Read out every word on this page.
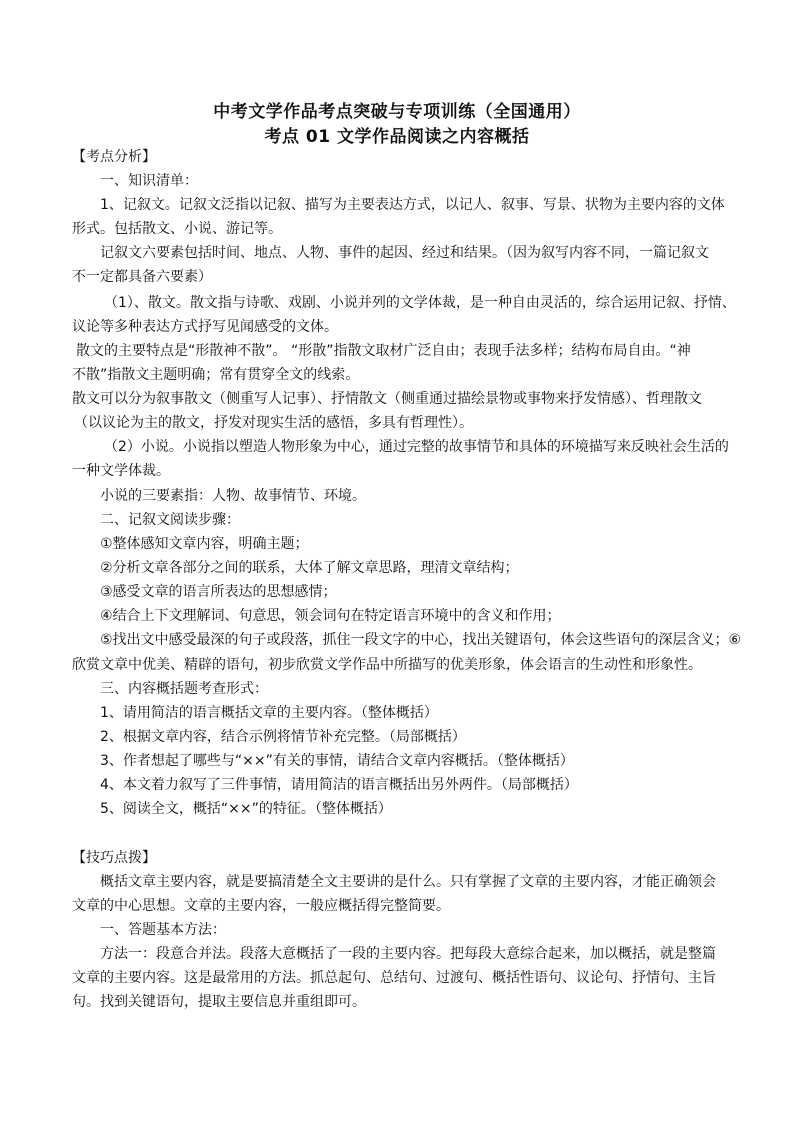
中考文学作品考点突破与专项训练（全国通用）
考点 01 文学作品阅读之内容概括
【考点分析】
一、知识清单：
1、记叙文。记叙文泛指以记叙、描写为主要表达方式，以记人、叙事、写景、状物为主要内容的文体
形式。包括散文、小说、游记等。
记叙文六要素包括时间、地点、人物、事件的起因、经过和结果。（因为叙写内容不同，一篇记叙文
不一定都具备六要素）
（1）、散文。散文指与诗歌、戏剧、小说并列的文学体裁，是一种自由灵活的，综合运用记叙、抒情、
议论等多种表达方式抒写见闻感受的文体。
散文的主要特点是“形散神不散”。 “形散”指散文取材广泛自由；表现手法多样；结构布局自由。“神
不散”指散文主题明确；常有贯穿全文的线索。
散文可以分为叙事散文（侧重写人记事）、抒情散文（侧重通过描绘景物或事物来抒发情感）、哲理散文
（以议论为主的散文，抒发对现实生活的感悟，多具有哲理性）。
（2）小说。小说指以塑造人物形象为中心，通过完整的故事情节和具体的环境描写来反映社会生活的
一种文学体裁。
小说的三要素指：人物、故事情节、环境。
二、记叙文阅读步骤：
①整体感知文章内容，明确主题；
②分析文章各部分之间的联系，大体了解文章思路，理清文章结构；
③感受文章的语言所表达的思想感情；
④结合上下文理解词、句意思，领会词句在特定语言环境中的含义和作用；
⑤找出文中感受最深的句子或段落，抓住一段文字的中心，找出关键语句，体会这些语句的深层含义；⑥
欣赏文章中优美、精辟的语句，初步欣赏文学作品中所描写的优美形象，体会语言的生动性和形象性。
三、内容概括题考查形式：
1、请用简洁的语言概括文章的主要内容。（整体概括）
2、根据文章内容，结合示例将情节补充完整。（局部概括）
3、作者想起了哪些与“××”有关的事情，请结合文章内容概括。（整体概括）
4、本文着力叙写了三件事情，请用简洁的语言概括出另外两件。（局部概括）
5、阅读全文，概括“××”的特征。（整体概括）
【技巧点拨】
概括文章主要内容，就是要搞清楚全文主要讲的是什么。只有掌握了文章的主要内容，才能正确领会
文章的中心思想。文章的主要内容，一般应概括得完整简要。
一、答题基本方法：
方法一：段意合并法。段落大意概括了一段的主要内容。把每段大意综合起来，加以概括，就是整篇
文章的主要内容。这是最常用的方法。抓总起句、总结句、过渡句、概括性语句、议论句、抒情句、主旨
句。找到关键语句，提取主要信息并重组即可。
